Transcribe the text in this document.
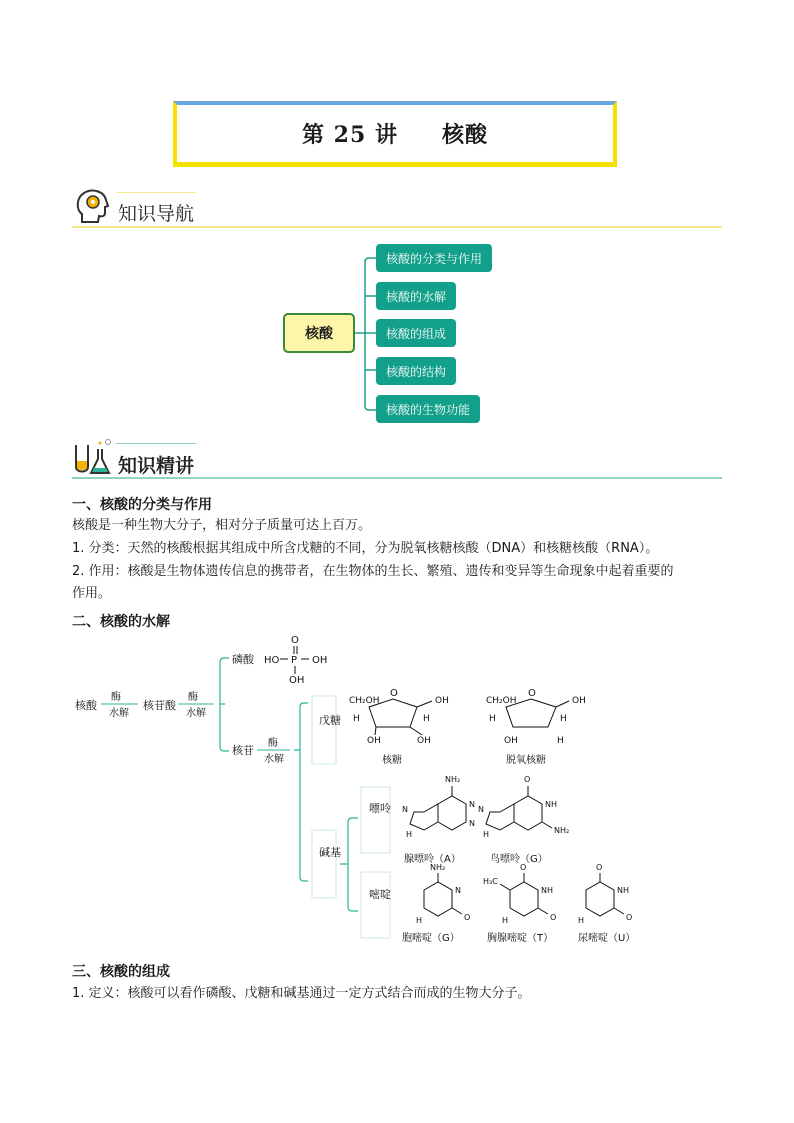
第 25 讲 核酸
知识导航
核酸
核酸的分类与作用
核酸的水解
核酸的组成
核酸的结构
核酸的生物功能
知识精讲
一、核酸的分类与作用
核酸是一种生物大分子，相对分子质量可达上百万。
1. 分类：天然的核酸根据其组成中所含戊糖的不同，分为脱氧核糖核酸（DNA）和核糖核酸（RNA）。
2. 作用：核酸是生物体遗传信息的携带者，在生物体的生长、繁殖、遗传和变异等生命现象中起着重要的
作用。
二、核酸的水解
核酸
酶
水解
核苷酸
酶
水解
磷酸
O
HO P OH
OH
核苷
酶
水解
戊糖
O
CH₂OH	OH
H	H
OH	OH
核糖
O
CH₂OH	OH
H	H
OH	H
脱氧核糖
碱基
嘌呤
嘧啶
NH₂
N
N
N
H
腺嘌呤（A）
O
NH
NH₂
N
H
鸟嘌呤（G）
NH₂
N
O
H
胞嘧啶（G）
O
NH
O
H₃C
H
胸腺嘧啶（T）
O
NH
O
H
尿嘧啶（U）
三、核酸的组成
1. 定义：核酸可以看作磷酸、戊糖和碱基通过一定方式结合而成的生物大分子。
